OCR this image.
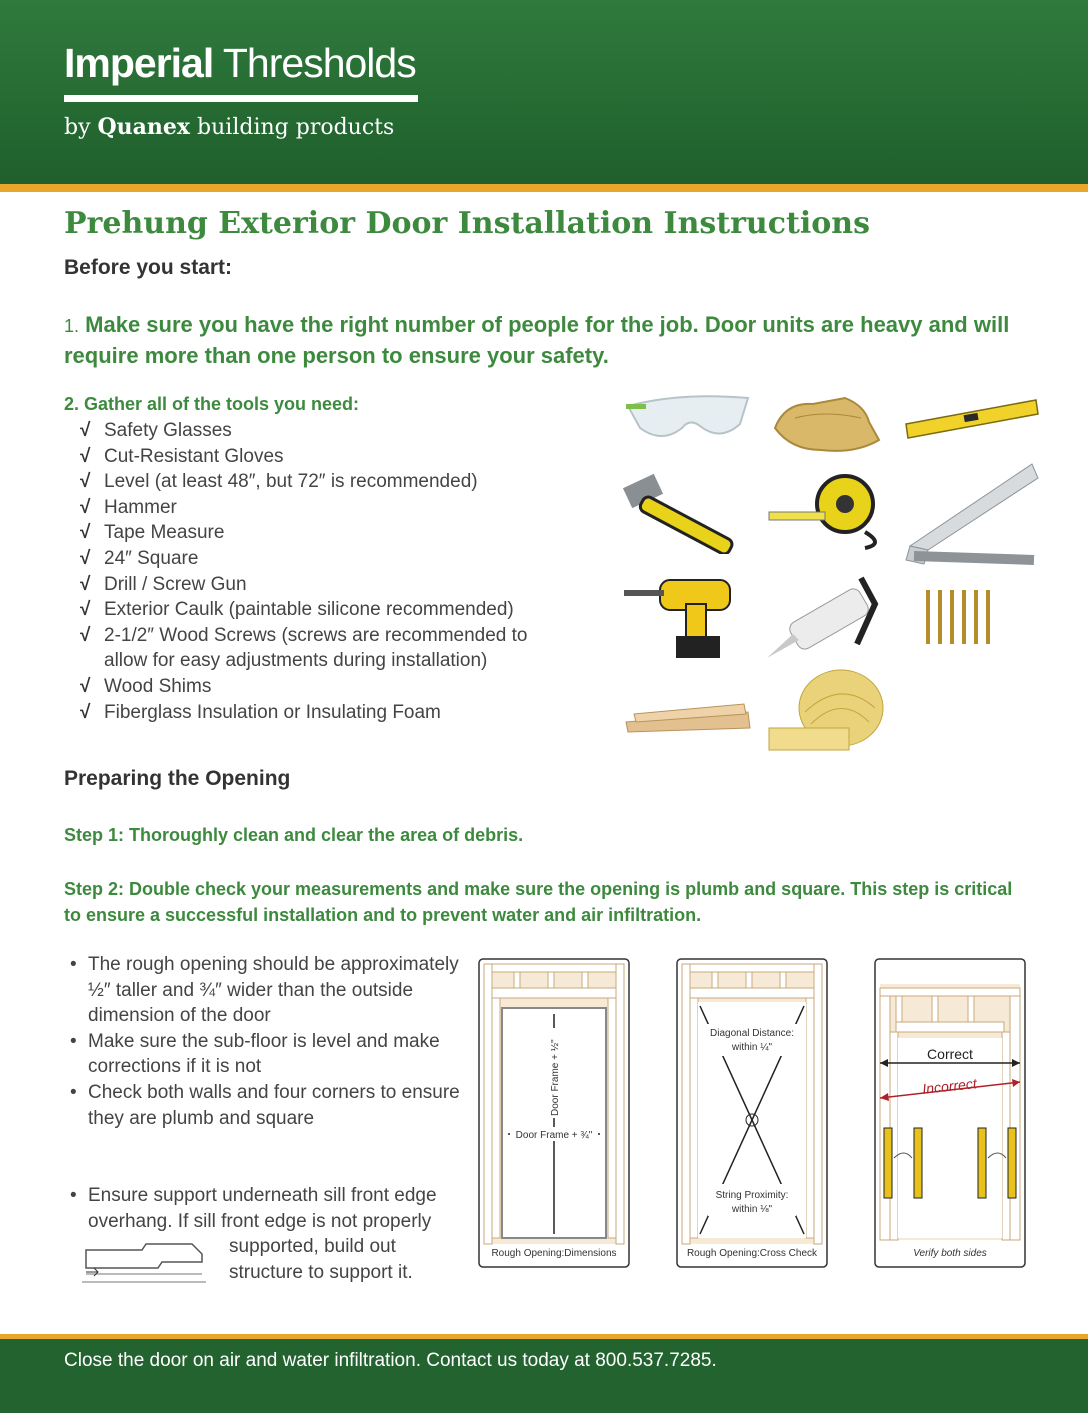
Imperial Thresholds
by Quanex building products
Prehung Exterior Door Installation Instructions
Before you start:
1. Make sure you have the right number of people for the job. Door units are heavy and will require more than one person to ensure your safety.
2. Gather all of the tools you need:
√ Safety Glasses
√ Cut-Resistant Gloves
√ Level (at least 48″, but 72″ is recommended)
√ Hammer
√ Tape Measure
√ 24″ Square
√ Drill / Screw Gun
√ Exterior Caulk (paintable silicone recommended)
√ 2-1/2″ Wood Screws (screws are recommended to allow for easy adjustments during installation)
√ Wood Shims
√ Fiberglass Insulation or Insulating Foam
Preparing the Opening
Step 1: Thoroughly clean and clear the area of debris.
Step 2: Double check your measurements and make sure the opening is plumb and square. This step is critical to ensure a successful installation and to prevent water and air infiltration.
• The rough opening should be approximately ½″ taller and ¾″ wider than the outside dimension of the door
• Make sure the sub-floor is level and make corrections if it is not
• Check both walls and four corners to ensure they are plumb and square
• Ensure support underneath sill front edge overhang. If sill front edge is not properly
supported, build out structure to support it.
Door Frame + ¾"
Door Frame + ½"
Rough Opening:Dimensions
Diagonal Distance:
within ¼"
String Proximity:
within ⅛"
Rough Opening:Cross Check
Correct
Incorrect
Verify both sides
Close the door on air and water infiltration. Contact us today at 800.537.7285.
